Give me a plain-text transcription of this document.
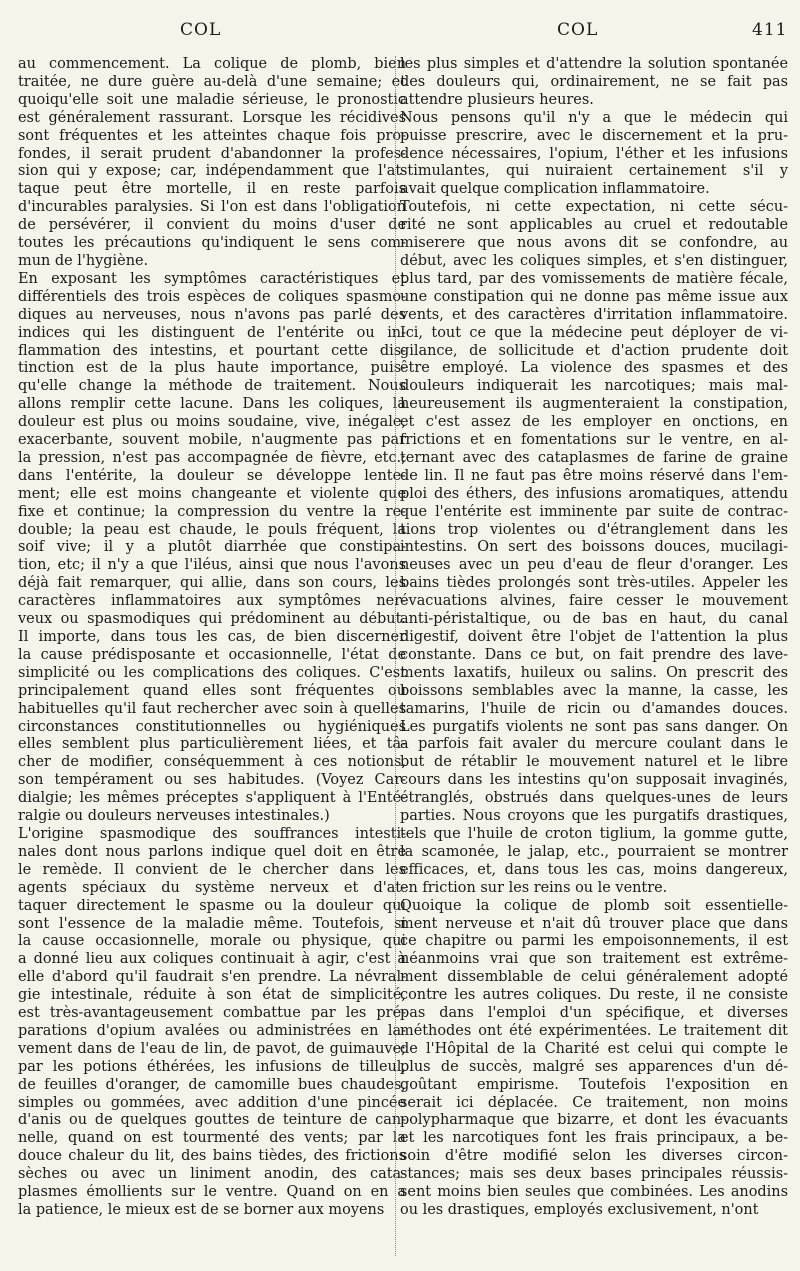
COL	COL	411
au commencement. La colique de plomb, bien
traitée, ne dure guère au-delà d'une semaine; et
quoiqu'elle soit une maladie sérieuse, le pronostic
est généralement rassurant. Lorsque les récidives
sont fréquentes et les atteintes chaque fois pro-
fondes, il serait prudent d'abandonner la profes-
sion qui y expose; car, indépendamment que l'at-
taque peut être mortelle, il en reste parfois
d'incurables paralysies. Si l'on est dans l'obligation
de persévérer, il convient du moins d'user de
toutes les précautions qu'indiquent le sens com-
mun de l'hygiène.
En exposant les symptômes caractéristiques et
différentiels des trois espèces de coliques spasmo-
diques au nerveuses, nous n'avons pas parlé des
indices qui les distinguent de l'entérite ou in-
flammation des intestins, et pourtant cette dis-
tinction est de la plus haute importance, puis-
qu'elle change la méthode de traitement. Nous
allons remplir cette lacune. Dans les coliques, la
douleur est plus ou moins soudaine, vive, inégale,
exacerbante, souvent mobile, n'augmente pas par
la pression, n'est pas accompagnée de fièvre, etc.;
dans l'entérite, la douleur se développe lente-
ment; elle est moins changeante et violente que
fixe et continue; la compression du ventre la re-
double; la peau est chaude, le pouls fréquent, la
soif vive; il y a plutôt diarrhée que constipa-
tion, etc; il n'y a que l'iléus, ainsi que nous l'avons
déjà fait remarquer, qui allie, dans son cours, les
caractères inflammatoires aux symptômes ner-
veux ou spasmodiques qui prédominent au début.
Il importe, dans tous les cas, de bien discerner
la cause prédisposante et occasionnelle, l'état de
simplicité ou les complications des coliques. C'est
principalement quand elles sont fréquentes ou
habituelles qu'il faut rechercher avec soin à quelles
circonstances constitutionnelles ou hygiéniques
elles semblent plus particulièrement liées, et tâ-
cher de modifier, conséquemment à ces notions,
son tempérament ou ses habitudes. (Voyez Car-
dialgie; les mêmes préceptes s'appliquent à l'Enté-
ralgie ou douleurs nerveuses intestinales.)
L'origine spasmodique des souffrances intesti-
nales dont nous parlons indique quel doit en être
le remède. Il convient de le chercher dans les
agents spéciaux du système nerveux et d'at-
taquer directement le spasme ou la douleur qui
sont l'essence de la maladie même. Toutefois, si
la cause occasionnelle, morale ou physique, qui
a donné lieu aux coliques continuait à agir, c'est à
elle d'abord qu'il faudrait s'en prendre. La névral-
gie intestinale, réduite à son état de simplicité,
est très-avantageusement combattue par les pré-
parations d'opium avalées ou administrées en la-
vement dans de l'eau de lin, de pavot, de guimauve;
par les potions éthérées, les infusions de tilleul,
de feuilles d'oranger, de camomille bues chaudes,
simples ou gommées, avec addition d'une pincée
d'anis ou de quelques gouttes de teinture de can-
nelle, quand on est tourmenté des vents; par la
douce chaleur du lit, des bains tièdes, des frictions
sèches ou avec un liniment anodin, des cata-
plasmes émollients sur le ventre. Quand on en a
la patience, le mieux est de se borner aux moyens
les plus simples et d'attendre la solution spontanée
des douleurs qui, ordinairement, ne se fait pas
attendre plusieurs heures.
Nous pensons qu'il n'y a que le médecin qui
puisse prescrire, avec le discernement et la pru-
dence nécessaires, l'opium, l'éther et les infusions
stimulantes, qui nuiraient certainement s'il y
avait quelque complication inflammatoire.
Toutefois, ni cette expectation, ni cette sécu-
rité ne sont applicables au cruel et redoutable
miserere que nous avons dit se confondre, au
début, avec les coliques simples, et s'en distinguer,
plus tard, par des vomissements de matière fécale,
une constipation qui ne donne pas même issue aux
vents, et des caractères d'irritation inflammatoire.
Ici, tout ce que la médecine peut déployer de vi-
gilance, de sollicitude et d'action prudente doit
être employé. La violence des spasmes et des
douleurs indiquerait les narcotiques; mais mal-
heureusement ils augmenteraient la constipation,
et c'est assez de les employer en onctions, en
frictions et en fomentations sur le ventre, en al-
ternant avec des cataplasmes de farine de graine
de lin. Il ne faut pas être moins réservé dans l'em-
ploi des éthers, des infusions aromatiques, attendu
que l'entérite est imminente par suite de contrac-
tions trop violentes ou d'étranglement dans les
intestins. On sert des boissons douces, mucilagi-
neuses avec un peu d'eau de fleur d'oranger. Les
bains tièdes prolongés sont très-utiles. Appeler les
évacuations alvines, faire cesser le mouvement
anti-péristaltique, ou de bas en haut, du canal
digestif, doivent être l'objet de l'attention la plus
constante. Dans ce but, on fait prendre des lave-
ments laxatifs, huileux ou salins. On prescrit des
boissons semblables avec la manne, la casse, les
tamarins, l'huile de ricin ou d'amandes douces.
Les purgatifs violents ne sont pas sans danger. On
a parfois fait avaler du mercure coulant dans le
but de rétablir le mouvement naturel et le libre
cours dans les intestins qu'on supposait invaginés,
étranglés, obstrués dans quelques-unes de leurs
parties. Nous croyons que les purgatifs drastiques,
tels que l'huile de croton tiglium, la gomme gutte,
la scamonée, le jalap, etc., pourraient se montrer
efficaces, et, dans tous les cas, moins dangereux,
en friction sur les reins ou le ventre.
Quoique la colique de plomb soit essentielle-
ment nerveuse et n'ait dû trouver place que dans
ce chapitre ou parmi les empoisonnements, il est
néanmoins vrai que son traitement est extrême-
ment dissemblable de celui généralement adopté
contre les autres coliques. Du reste, il ne consiste
pas dans l'emploi d'un spécifique, et diverses
méthodes ont été expérimentées. Le traitement dit
de l'Hôpital de la Charité est celui qui compte le
plus de succès, malgré ses apparences d'un dé-
goûtant empirisme. Toutefois l'exposition en
serait ici déplacée. Ce traitement, non moins
polypharmaque que bizarre, et dont les évacuants
et les narcotiques font les frais principaux, a be-
soin d'être modifié selon les diverses circon-
stances; mais ses deux bases principales réussis-
sent moins bien seules que combinées. Les anodins
ou les drastiques, employés exclusivement, n'ont
